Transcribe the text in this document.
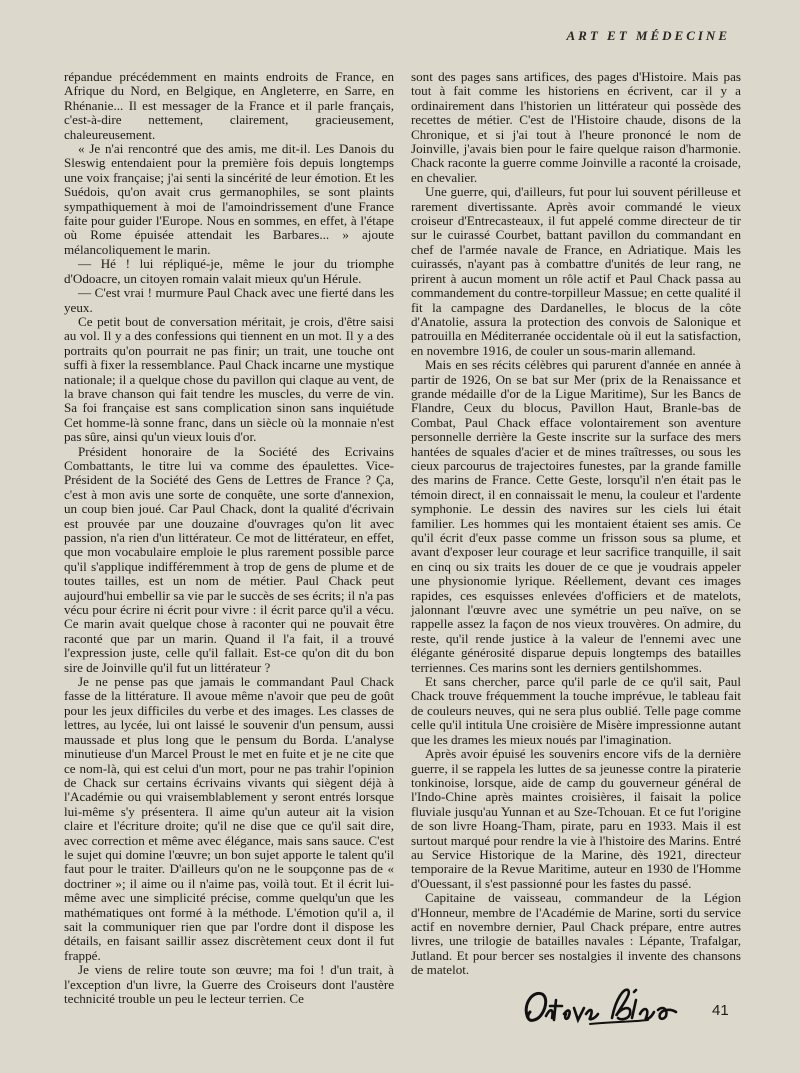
ART ET MÉDECINE

répandue précédemment en maints endroits de France, en Afrique du Nord, en Belgique, en Angleterre, en Sarre, en Rhénanie... Il est messager de la France et il parle français, c'est-à-dire nettement, clairement, gracieusement, chaleureusement.

« Je n'ai rencontré que des amis, me dit-il. Les Danois du Sleswig entendaient pour la première fois depuis longtemps une voix française; j'ai senti la sincérité de leur émotion. Et les Suédois, qu'on avait crus germanophiles, se sont plaints sympathiquement à moi de l'amoindrissement d'une France faite pour guider l'Europe. Nous en sommes, en effet, à l'étape où Rome épuisée attendait les Barbares... » ajoute mélancoliquement le marin.

— Hé ! lui répliqué-je, même le jour du triomphe d'Odoacre, un citoyen romain valait mieux qu'un Hérule.

— C'est vrai ! murmure Paul Chack avec une fierté dans les yeux.

Ce petit bout de conversation méritait, je crois, d'être saisi au vol. Il y a des confessions qui tiennent en un mot. Il y a des portraits qu'on pourrait ne pas finir; un trait, une touche ont suffi à fixer la ressemblance. Paul Chack incarne une mystique nationale; il a quelque chose du pavillon qui claque au vent, de la brave chanson qui fait tendre les muscles, du verre de vin. Sa foi française est sans complication sinon sans inquiétude Cet homme-là sonne franc, dans un siècle où la monnaie n'est pas sûre, ainsi qu'un vieux louis d'or.

Président honoraire de la Société des Ecrivains Combattants, le titre lui va comme des épaulettes. Vice-Président de la Société des Gens de Lettres de France ? Ça, c'est à mon avis une sorte de conquête, une sorte d'annexion, un coup bien joué. Car Paul Chack, dont la qualité d'écrivain est prouvée par une douzaine d'ouvrages qu'on lit avec passion, n'a rien d'un littérateur. Ce mot de littérateur, en effet, que mon vocabulaire emploie le plus rarement possible parce qu'il s'applique indifféremment à trop de gens de plume et de toutes tailles, est un nom de métier. Paul Chack peut aujourd'hui embellir sa vie par le succès de ses écrits; il n'a pas vécu pour écrire ni écrit pour vivre : il écrit parce qu'il a vécu. Ce marin avait quelque chose à raconter qui ne pouvait être raconté que par un marin. Quand il l'a fait, il a trouvé l'expression juste, celle qu'il fallait. Est-ce qu'on dit du bon sire de Joinville qu'il fut un littérateur ?

Je ne pense pas que jamais le commandant Paul Chack fasse de la littérature. Il avoue même n'avoir que peu de goût pour les jeux difficiles du verbe et des images. Les classes de lettres, au lycée, lui ont laissé le souvenir d'un pensum, aussi maussade et plus long que le pensum du Borda. L'analyse minutieuse d'un Marcel Proust le met en fuite et je ne cite que ce nom-là, qui est celui d'un mort, pour ne pas trahir l'opinion de Chack sur certains écrivains vivants qui siègent déjà à l'Académie ou qui vraisemblablement y seront entrés lorsque lui-même s'y présentera. Il aime qu'un auteur ait la vision claire et l'écriture droite; qu'il ne dise que ce qu'il sait dire, avec correction et même avec élégance, mais sans sauce. C'est le sujet qui domine l'œuvre; un bon sujet apporte le talent qu'il faut pour le traiter. D'ailleurs qu'on ne le soupçonne pas de « doctriner »; il aime ou il n'aime pas, voilà tout. Et il écrit lui-même avec une simplicité précise, comme quelqu'un que les mathématiques ont formé à la méthode. L'émotion qu'il a, il sait la communiquer rien que par l'ordre dont il dispose les détails, en faisant saillir assez discrètement ceux dont il fut frappé.

Je viens de relire toute son œuvre; ma foi ! d'un trait, à l'exception d'un livre, la Guerre des Croiseurs dont l'austère technicité trouble un peu le lecteur terrien. Ce

sont des pages sans artifices, des pages d'Histoire. Mais pas tout à fait comme les historiens en écrivent, car il y a ordinairement dans l'historien un littérateur qui possède des recettes de métier. C'est de l'Histoire chaude, disons de la Chronique, et si j'ai tout à l'heure prononcé le nom de Joinville, j'avais bien pour le faire quelque raison d'harmonie. Chack raconte la guerre comme Joinville a raconté la croisade, en chevalier.

Une guerre, qui, d'ailleurs, fut pour lui souvent périlleuse et rarement divertissante. Après avoir commandé le vieux croiseur d'Entrecasteaux, il fut appelé comme directeur de tir sur le cuirassé Courbet, battant pavillon du commandant en chef de l'armée navale de France, en Adriatique. Mais les cuirassés, n'ayant pas à combattre d'unités de leur rang, ne prirent à aucun moment un rôle actif et Paul Chack passa au commandement du contre-torpilleur Massue; en cette qualité il fit la campagne des Dardanelles, le blocus de la côte d'Anatolie, assura la protection des convois de Salonique et patrouilla en Méditerranée occidentale où il eut la satisfaction, en novembre 1916, de couler un sous-marin allemand.

Mais en ses récits célèbres qui parurent d'année en année à partir de 1926, On se bat sur Mer (prix de la Renaissance et grande médaille d'or de la Ligue Maritime), Sur les Bancs de Flandre, Ceux du blocus, Pavillon Haut, Branle-bas de Combat, Paul Chack efface volontairement son aventure personnelle derrière la Geste inscrite sur la surface des mers hantées de squales d'acier et de mines traîtresses, ou sous les cieux parcourus de trajectoires funestes, par la grande famille des marins de France. Cette Geste, lorsqu'il n'en était pas le témoin direct, il en connaissait le menu, la couleur et l'ardente symphonie. Le dessin des navires sur les ciels lui était familier. Les hommes qui les montaient étaient ses amis. Ce qu'il écrit d'eux passe comme un frisson sous sa plume, et avant d'exposer leur courage et leur sacrifice tranquille, il sait en cinq ou six traits les douer de ce que je voudrais appeler une physionomie lyrique. Réellement, devant ces images rapides, ces esquisses enlevées d'officiers et de matelots, jalonnant l'œuvre avec une symétrie un peu naïve, on se rappelle assez la façon de nos vieux trouvères. On admire, du reste, qu'il rende justice à la valeur de l'ennemi avec une élégante générosité disparue depuis longtemps des batailles terriennes. Ces marins sont les derniers gentilshommes.

Et sans chercher, parce qu'il parle de ce qu'il sait, Paul Chack trouve fréquemment la touche imprévue, le tableau fait de couleurs neuves, qui ne sera plus oublié. Telle page comme celle qu'il intitula Une croisière de Misère impressionne autant que les drames les mieux noués par l'imagination.

Après avoir épuisé les souvenirs encore vifs de la dernière guerre, il se rappela les luttes de sa jeunesse contre la piraterie tonkinoise, lorsque, aide de camp du gouverneur général de l'Indo-Chine après maintes croisières, il faisait la police fluviale jusqu'au Yunnan et au Sze-Tchouan. Et ce fut l'origine de son livre Hoang-Tham, pirate, paru en 1933. Mais il est surtout marqué pour rendre la vie à l'histoire des Marins. Entré au Service Historique de la Marine, dès 1921, directeur temporaire de la Revue Maritime, auteur en 1930 de l'Homme d'Ouessant, il s'est passionné pour les fastes du passé.

Capitaine de vaisseau, commandeur de la Légion d'Honneur, membre de l'Académie de Marine, sorti du service actif en novembre dernier, Paul Chack prépare, entre autres livres, une trilogie de batailles navales : Lépante, Trafalgar, Jutland. Et pour bercer ses nostalgies il invente des chansons de matelot.

41
